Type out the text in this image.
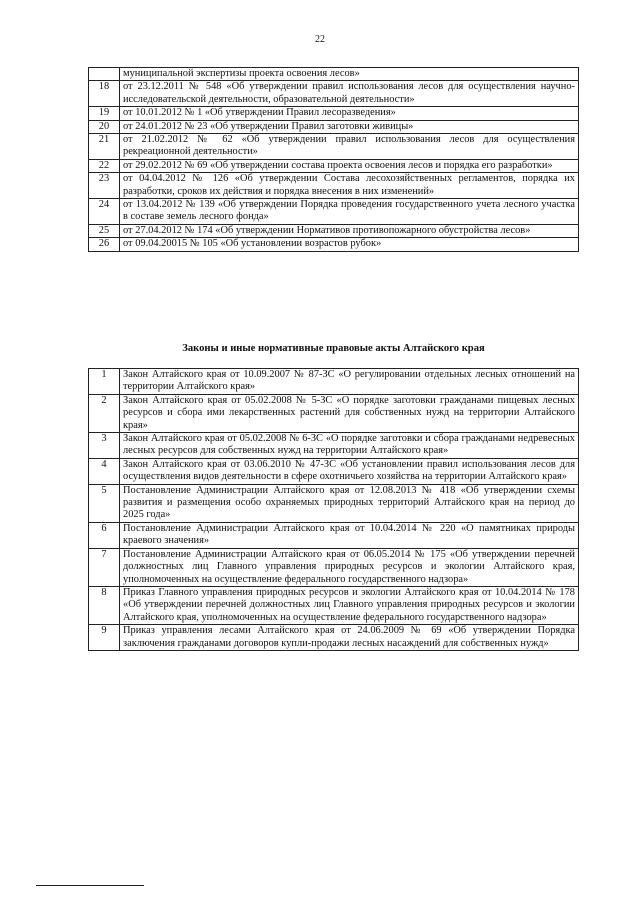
22
	муниципальной экспертизы проекта освоения лесов»
18	от 23.12.2011 № 548 «Об утверждении правил использования лесов для осуществления научно-исследовательской деятельности, образовательной деятельности»
19	от 10.01.2012 № 1 «Об утверждении Правил лесоразведения»
20	от 24.01.2012 № 23 «Об утверждении Правил заготовки живицы»
21	от 21.02.2012 № 62 «Об утверждении правил использования лесов для осуществления рекреационной деятельности»
22	от 29.02.2012 № 69 «Об утверждении состава проекта освоения лесов и порядка его разработки»
23	от 04.04.2012 № 126 «Об утверждении Состава лесохозяйственных регламентов, порядка их разработки, сроков их действия и порядка внесения в них изменений»
24	от 13.04.2012 № 139 «Об утверждении Порядка проведения государственного учета лесного участка в составе земель лесного фонда»
25	от 27.04.2012 № 174 «Об утверждении Нормативов противопожарного обустройства лесов»
26	от 09.04.20015 № 105 «Об установлении возрастов рубок»
Законы и иные нормативные правовые акты Алтайского края
1	Закон Алтайского края от 10.09.2007 № 87-ЗС «О регулировании отдельных лесных отношений на территории Алтайского края»
2	Закон Алтайского края от 05.02.2008 № 5-ЗС «О порядке заготовки гражданами пищевых лесных ресурсов и сбора ими лекарственных растений для собственных нужд на территории Алтайского края»
3	Закон Алтайского края от 05.02.2008 № 6-ЗС «О порядке заготовки и сбора гражданами недревесных лесных ресурсов для собственных нужд на территории Алтайского края»
4	Закон Алтайского края от 03.06.2010 № 47-ЗС «Об установлении правил использования лесов для осуществления видов деятельности в сфере охотничьего хозяйства на территории Алтайского края»
5	Постановление Администрации Алтайского края от 12.08.2013 № 418 «Об утверждении схемы развития и размещения особо охраняемых природных территорий Алтайского края на период до 2025 года»
6	Постановление Администрации Алтайского края от 10.04.2014 № 220 «О памятниках природы краевого значения»
7	Постановление Администрации Алтайского края от 06.05.2014 № 175 «Об утверждении перечней должностных лиц Главного управления природных ресурсов и экологии Алтайского края, уполномоченных на осуществление федерального государственного надзора»
8	Приказ Главного управления природных ресурсов и экологии Алтайского края от 10.04.2014 № 178 «Об утверждении перечней должностных лиц Главного управления природных ресурсов и экологии Алтайского края, уполномоченных на осуществление федерального государственного надзора»
9	Приказ управления лесами Алтайского края от 24.06.2009 № 69 «Об утверждении Порядка заключения гражданами договоров купли-продажи лесных насаждений для собственных нужд»
